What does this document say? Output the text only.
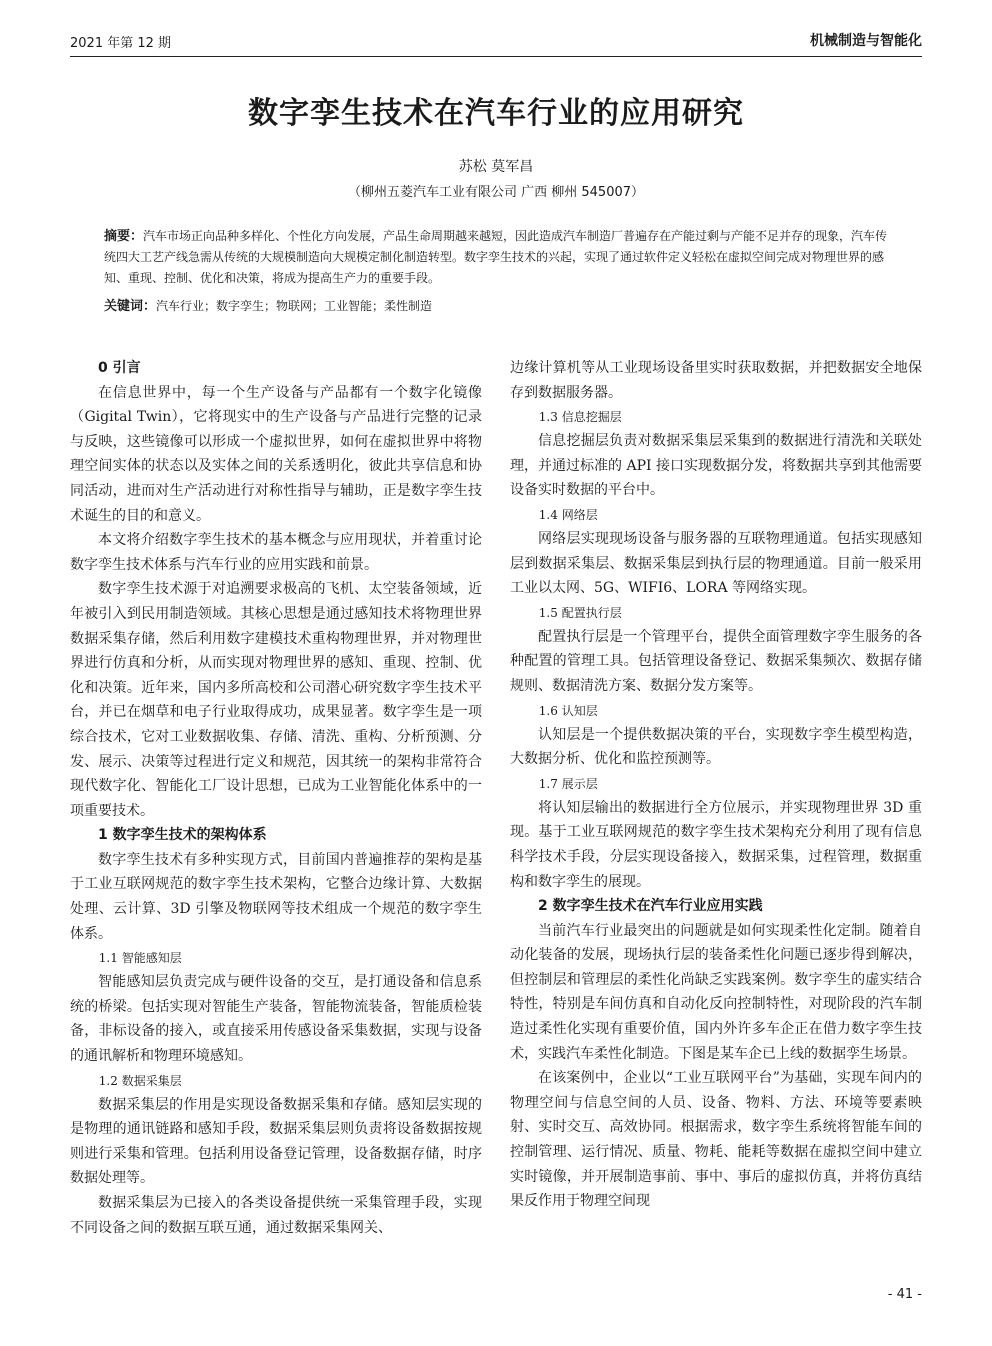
2021 年第 12 期	机械制造与智能化
数字孪生技术在汽车行业的应用研究
苏松 莫军昌
（柳州五菱汽车工业有限公司 广西 柳州 545007）
摘要：汽车市场正向品种多样化、个性化方向发展，产品生命周期越来越短，因此造成汽车制造厂普遍存在产能过剩与产能不足并存的现象，汽车传统四大工艺产线急需从传统的大规模制造向大规模定制化制造转型。数字孪生技术的兴起，实现了通过软件定义轻松在虚拟空间完成对物理世界的感知、重现、控制、优化和决策，将成为提高生产力的重要手段。
关键词：汽车行业；数字孪生；物联网；工业智能；柔性制造
0 引言

在信息世界中，每一个生产设备与产品都有一个数字化镜像（Gigital Twin），它将现实中的生产设备与产品进行完整的记录与反映，这些镜像可以形成一个虚拟世界，如何在虚拟世界中将物理空间实体的状态以及实体之间的关系透明化，彼此共享信息和协同活动，进而对生产活动进行对称性指导与辅助，正是数字孪生技术诞生的目的和意义。

本文将介绍数字孪生技术的基本概念与应用现状，并着重讨论数字孪生技术体系与汽车行业的应用实践和前景。

数字孪生技术源于对追溯要求极高的飞机、太空装备领域，近年被引入到民用制造领域。其核心思想是通过感知技术将物理世界数据采集存储，然后利用数字建模技术重构物理世界，并对物理世界进行仿真和分析，从而实现对物理世界的感知、重现、控制、优化和决策。近年来，国内多所高校和公司潜心研究数字孪生技术平台，并已在烟草和电子行业取得成功，成果显著。数字孪生是一项综合技术，它对工业数据收集、存储、清洗、重构、分析预测、分发、展示、决策等过程进行定义和规范，因其统一的架构非常符合现代数字化、智能化工厂设计思想，已成为工业智能化体系中的一项重要技术。

1 数字孪生技术的架构体系

数字孪生技术有多种实现方式，目前国内普遍推荐的架构是基于工业互联网规范的数字孪生技术架构，它整合边缘计算、大数据处理、云计算、3D 引擎及物联网等技术组成一个规范的数字孪生体系。

1.1 智能感知层

智能感知层负责完成与硬件设备的交互，是打通设备和信息系统的桥梁。包括实现对智能生产装备，智能物流装备，智能质检装备，非标设备的接入，或直接采用传感设备采集数据，实现与设备的通讯解析和物理环境感知。

1.2 数据采集层

数据采集层的作用是实现设备数据采集和存储。感知层实现的是物理的通讯链路和感知手段，数据采集层则负责将设备数据按规则进行采集和管理。包括利用设备登记管理，设备数据存储，时序数据处理等。

数据采集层为已接入的各类设备提供统一采集管理手段，实现不同设备之间的数据互联互通，通过数据采集网关、

边缘计算机等从工业现场设备里实时获取数据，并把数据安全地保存到数据服务器。

1.3 信息挖掘层

信息挖掘层负责对数据采集层采集到的数据进行清洗和关联处理，并通过标准的 API 接口实现数据分发，将数据共享到其他需要设备实时数据的平台中。

1.4 网络层

网络层实现现场设备与服务器的互联物理通道。包括实现感知层到数据采集层、数据采集层到执行层的物理通道。目前一般采用工业以太网、5G、WIFI6、LORA 等网络实现。

1.5 配置执行层

配置执行层是一个管理平台，提供全面管理数字孪生服务的各种配置的管理工具。包括管理设备登记、数据采集频次、数据存储规则、数据清洗方案、数据分发方案等。

1.6 认知层

认知层是一个提供数据决策的平台，实现数字孪生模型构造，大数据分析、优化和监控预测等。

1.7 展示层

将认知层输出的数据进行全方位展示，并实现物理世界 3D 重现。基于工业互联网规范的数字孪生技术架构充分利用了现有信息科学技术手段，分层实现设备接入，数据采集，过程管理，数据重构和数字孪生的展现。

2 数字孪生技术在汽车行业应用实践

当前汽车行业最突出的问题就是如何实现柔性化定制。随着自动化装备的发展，现场执行层的装备柔性化问题已逐步得到解决，但控制层和管理层的柔性化尚缺乏实践案例。数字孪生的虚实结合特性，特别是车间仿真和自动化反向控制特性，对现阶段的汽车制造过柔性化实现有重要价值，国内外许多车企正在借力数字孪生技术，实践汽车柔性化制造。下图是某车企已上线的数据孪生场景。

在该案例中，企业以“工业互联网平台”为基础，实现车间内的物理空间与信息空间的人员、设备、物料、方法、环境等要素映射、实时交互、高效协同。根据需求，数字孪生系统将智能车间的控制管理、运行情况、质量、物耗、能耗等数据在虚拟空间中建立实时镜像，并开展制造事前、事中、事后的虚拟仿真，并将仿真结果反作用于物理空间现

- 41 -
